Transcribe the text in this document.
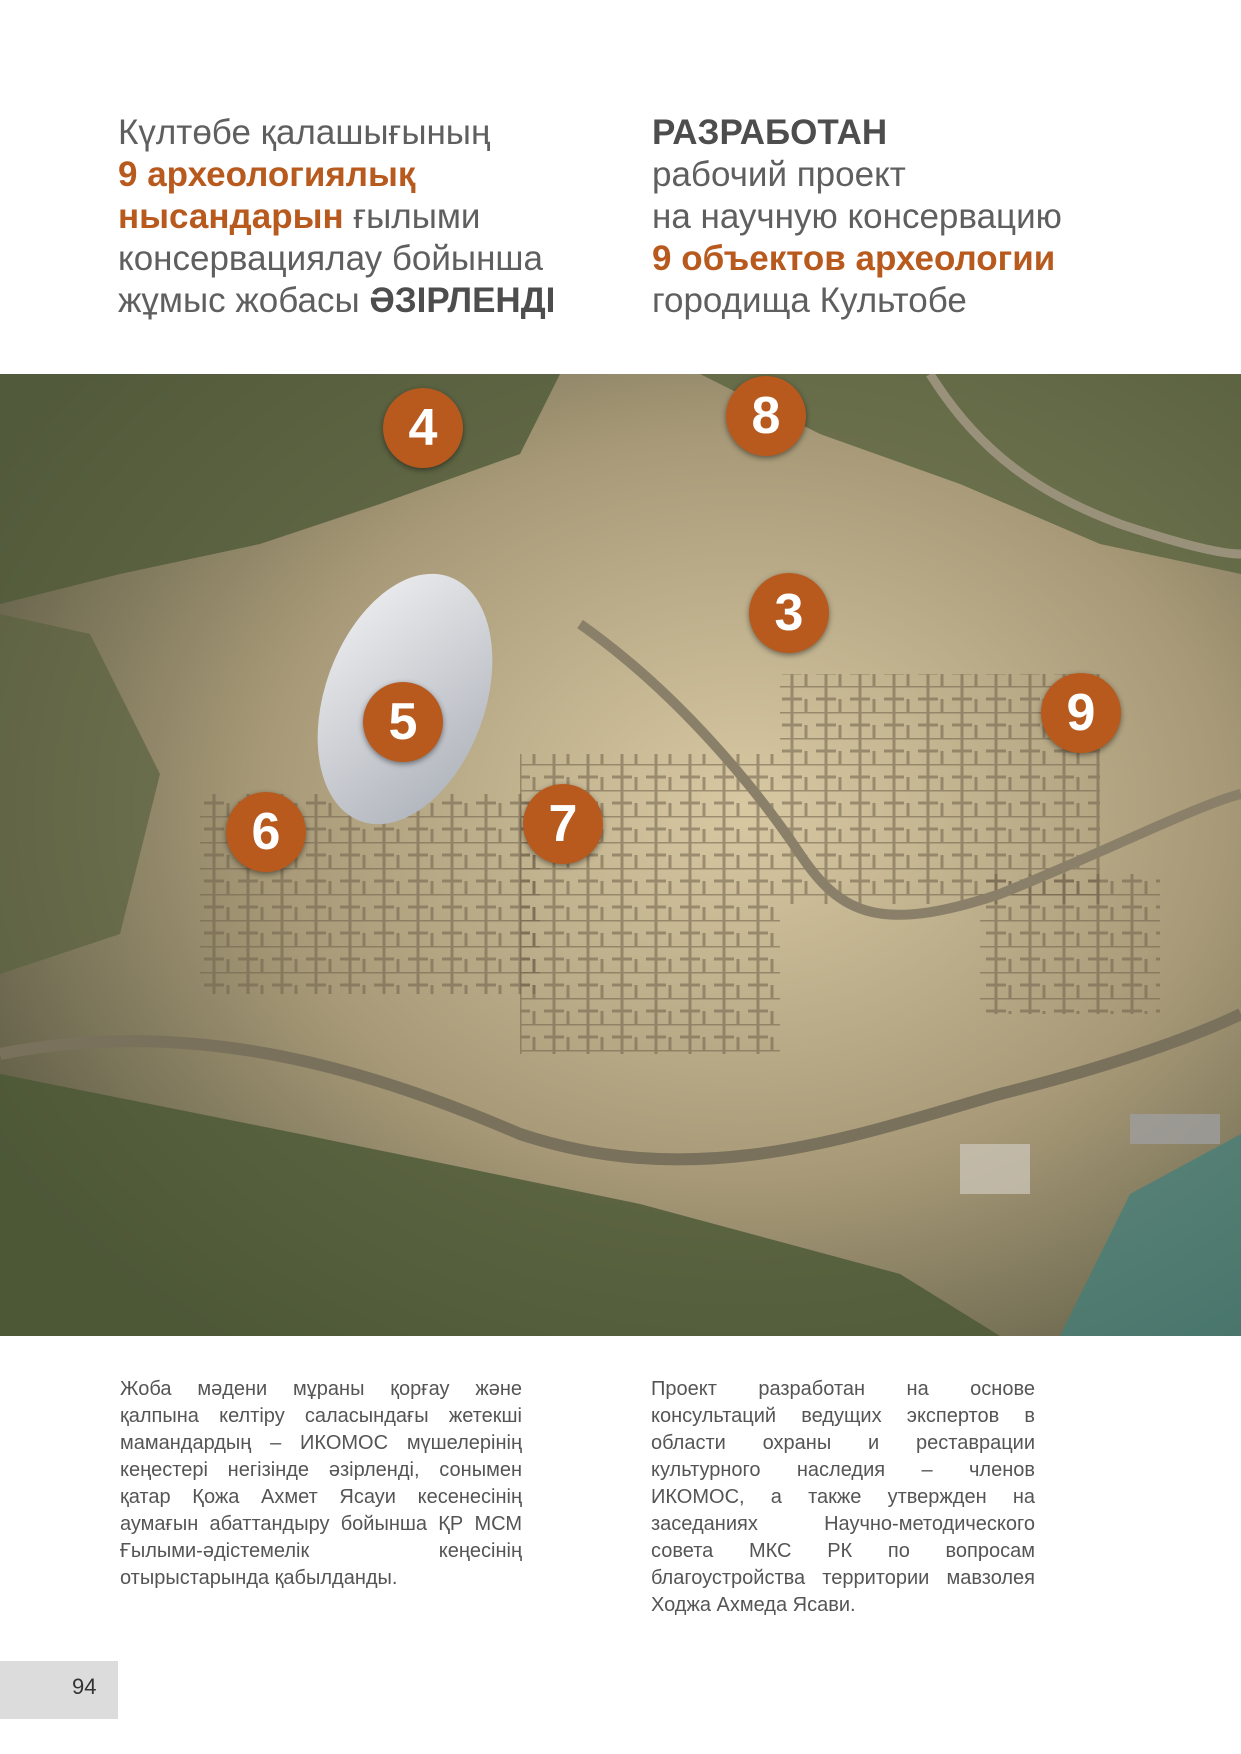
Күлтөбе қалашығының
9 археологиялық
нысандарын ғылыми
консервациялау бойынша
жұмыс жобасы ӘЗІРЛЕНДІ
РАЗРАБОТАН
рабочий проект
на научную консервацию
9 объектов археологии
городища Культобе
4	8
3
9
5
6	7
Жоба мәдени мұраны қорғау және қалпына келтіру саласындағы жетекші мамандардың – ИКОМОС мүшелерінің кеңестері негізінде әзірленді, сонымен қатар Қожа Ахмет Ясауи кесенесінің аумағын абаттандыру бойынша ҚР МСМ Ғылыми-әдістемелік кеңесінің отырыстарында қабылданды.
Проект разработан на основе консультаций ведущих экспертов в области охраны и реставрации культурного наследия – членов ИКОМОС, а также утвержден на заседаниях Научно-методического совета МКС РК по вопросам благоустройства территории мавзолея Ходжа Ахмеда Ясави.
94
